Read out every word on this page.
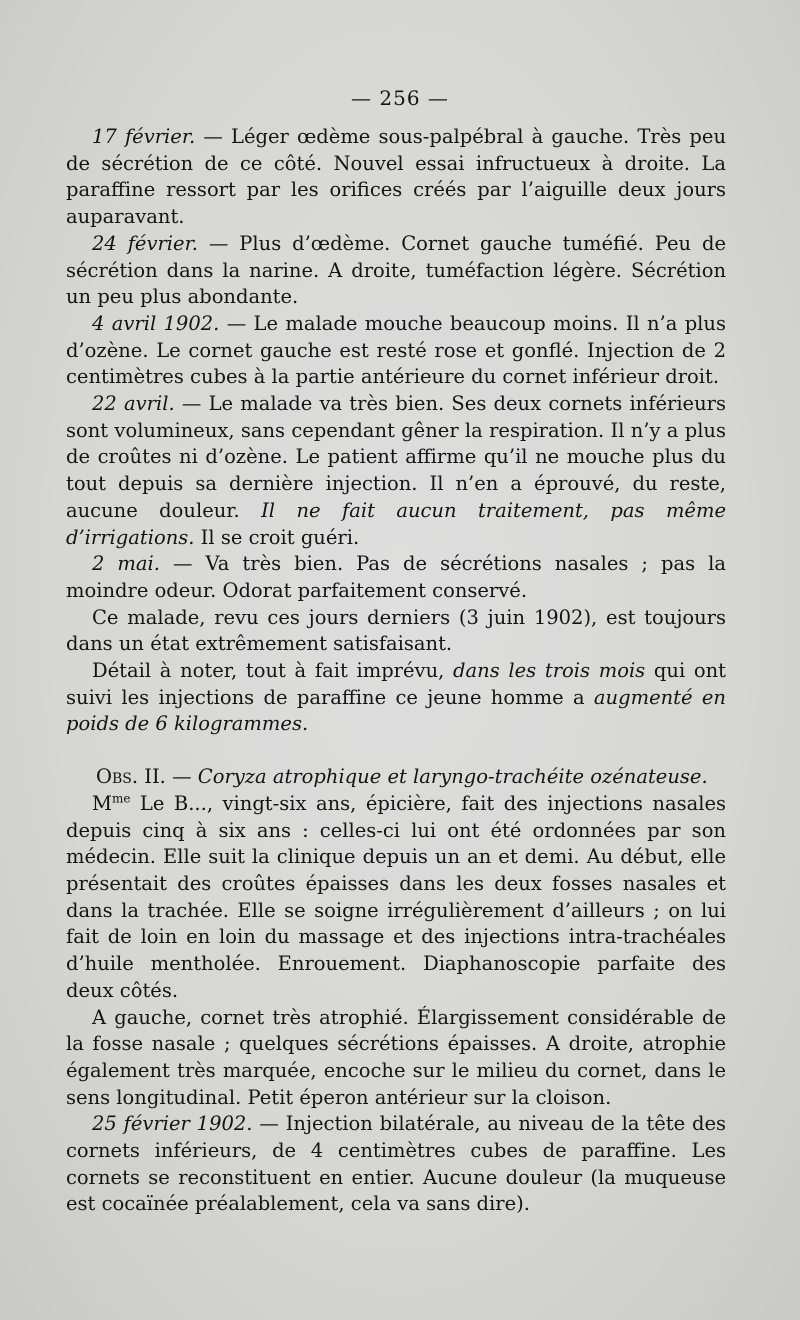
— 256 —

17 février. — Léger œdème sous-palpébral à gauche. Très peu de sécrétion de ce côté. Nouvel essai infructueux à droite. La paraffine ressort par les orifices créés par l’aiguille deux jours auparavant.

24 février. — Plus d’œdème. Cornet gauche tuméfié. Peu de sécrétion dans la narine. A droite, tuméfaction légère. Sécrétion un peu plus abondante.

4 avril 1902. — Le malade mouche beaucoup moins. Il n’a plus d’ozène. Le cornet gauche est resté rose et gonflé. Injection de 2 centimètres cubes à la partie antérieure du cornet inférieur droit.

22 avril. — Le malade va très bien. Ses deux cornets inférieurs sont volumineux, sans cependant gêner la respiration. Il n’y a plus de croûtes ni d’ozène. Le patient affirme qu’il ne mouche plus du tout depuis sa dernière injection. Il n’en a éprouvé, du reste, aucune douleur. Il ne fait aucun traitement, pas même d’irrigations. Il se croit guéri.

2 mai. — Va très bien. Pas de sécrétions nasales ; pas la moindre odeur. Odorat parfaitement conservé.

Ce malade, revu ces jours derniers (3 juin 1902), est toujours dans un état extrêmement satisfaisant.

Détail à noter, tout à fait imprévu, dans les trois mois qui ont suivi les injections de paraffine ce jeune homme a augmenté en poids de 6 kilogrammes.

Obs. II. — Coryza atrophique et laryngo-trachéite ozénateuse.

$M^{me}$ Le B..., vingt-six ans, épicière, fait des injections nasales depuis cinq à six ans : celles-ci lui ont été ordonnées par son médecin. Elle suit la clinique depuis un an et demi. Au début, elle présentait des croûtes épaisses dans les deux fosses nasales et dans la trachée. Elle se soigne irrégulièrement d’ailleurs ; on lui fait de loin en loin du massage et des injections intra-trachéales d’huile mentholée. Enrouement. Diaphanoscopie parfaite des deux côtés.

A gauche, cornet très atrophié. Élargissement considérable de la fosse nasale ; quelques sécrétions épaisses. A droite, atrophie également très marquée, encoche sur le milieu du cornet, dans le sens longitudinal. Petit éperon antérieur sur la cloison.

25 février 1902. — Injection bilatérale, au niveau de la tête des cornets inférieurs, de 4 centimètres cubes de paraffine. Les cornets se reconstituent en entier. Aucune douleur (la muqueuse est cocaïnée préalablement, cela va sans dire).
